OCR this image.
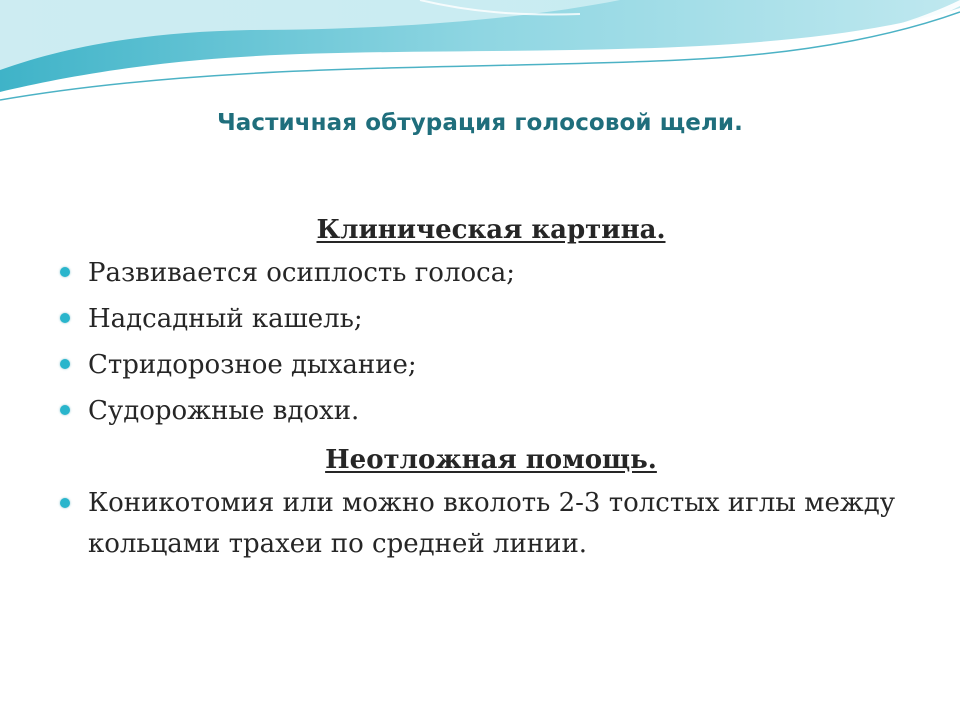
Частичная обтурация голосовой щели.

Клиническая картина.

Развивается осиплость голоса;
Надсадный кашель;
Стридорозное дыхание;
Судорожные вдохи.

Неотложная помощь.

Коникотомия или можно вколоть 2-3 толстых иглы между кольцами трахеи по средней линии.
